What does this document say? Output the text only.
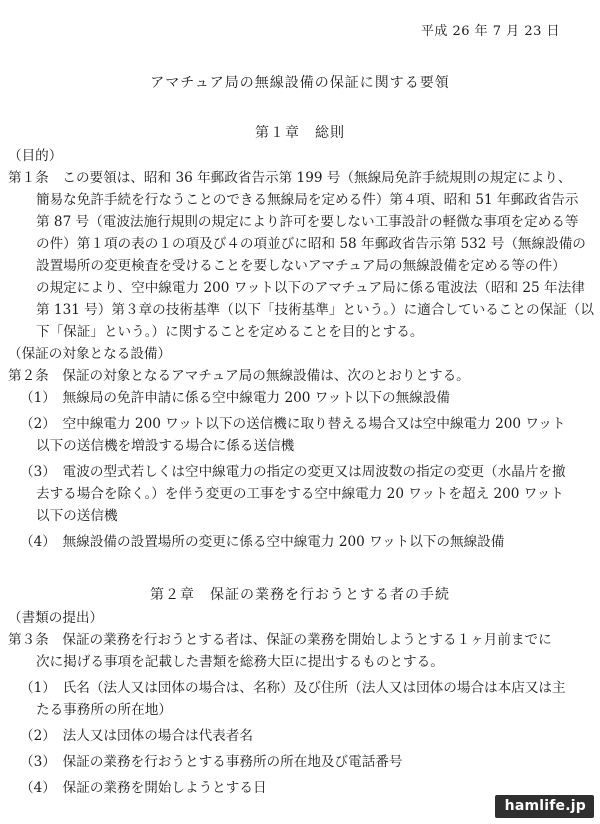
平成 26 年 7 月 23 日
アマチュア局の無線設備の保証に関する要領
第１章　総則
（目的）
第１条　この要領は、昭和 36 年郵政省告示第 199 号（無線局免許手続規則の規定により、
簡易な免許手続を行なうことのできる無線局を定める件）第４項、昭和 51 年郵政省告示
第 87 号（電波法施行規則の規定により許可を要しない工事設計の軽微な事項を定める等
の件）第１項の表の１の項及び４の項並びに昭和 58 年郵政省告示第 532 号（無線設備の
設置場所の変更検査を受けることを要しないアマチュア局の無線設備を定める等の件）
の規定により、空中線電力 200 ワット以下のアマチュア局に係る電波法（昭和 25 年法律
第 131 号）第３章の技術基準（以下「技術基準」という。）に適合していることの保証（以
下「保証」という。）に関することを定めることを目的とする。
（保証の対象となる設備）
第２条　保証の対象となるアマチュア局の無線設備は、次のとおりとする。
（1）　無線局の免許申請に係る空中線電力 200 ワット以下の無線設備
（2）　空中線電力 200 ワット以下の送信機に取り替える場合又は空中線電力 200 ワット
以下の送信機を増設する場合に係る送信機
（3）　電波の型式若しくは空中線電力の指定の変更又は周波数の指定の変更（水晶片を撤
去する場合を除く。）を伴う変更の工事をする空中線電力 20 ワットを超え 200 ワット
以下の送信機
（4）　無線設備の設置場所の変更に係る空中線電力 200 ワット以下の無線設備
第２章　保証の業務を行おうとする者の手続
（書類の提出）
第３条　保証の業務を行おうとする者は、保証の業務を開始しようとする１ヶ月前までに
次に掲げる事項を記載した書類を総務大臣に提出するものとする。
（1）　氏名（法人又は団体の場合は、名称）及び住所（法人又は団体の場合は本店又は主
たる事務所の所在地）
（2）　法人又は団体の場合は代表者名
（3）　保証の業務を行おうとする事務所の所在地及び電話番号
（4）　保証の業務を開始しようとする日
hamlife.jp
